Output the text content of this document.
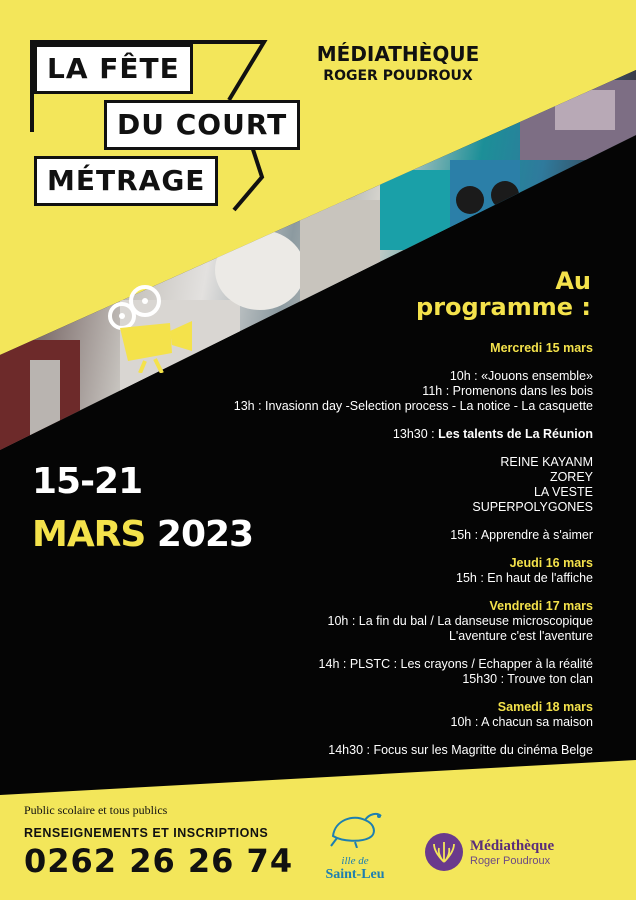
LA FÊTE
DU COURT
MÉTRAGE
MÉDIATHÈQUE
ROGER POUDROUX
Au
programme :
Mercredi 15 mars
10h : «Jouons ensemble»
11h : Promenons dans les bois
13h : Invasionn day -Selection process - La notice - La casquette
13h30 : Les talents de La Réunion
REINE KAYANM
ZOREY
LA VESTE
SUPERPOLYGONES
15h : Apprendre à s'aimer
Jeudi 16 mars
15h : En haut de l'affiche
Vendredi 17 mars
10h : La fin du bal / La danseuse microscopique
L'aventure c'est l'aventure
14h : PLSTC : Les crayons / Echapper à la réalité
15h30 : Trouve ton clan
Samedi 18 mars
10h : A chacun sa maison
14h30 : Focus sur les Magritte du cinéma Belge
15-21
MARS 2023
Public scolaire et tous publics
RENSEIGNEMENTS ET INSCRIPTIONS
0262 26 26 74	ille de
Saint-Leu
Médiathèque
Roger Poudroux
